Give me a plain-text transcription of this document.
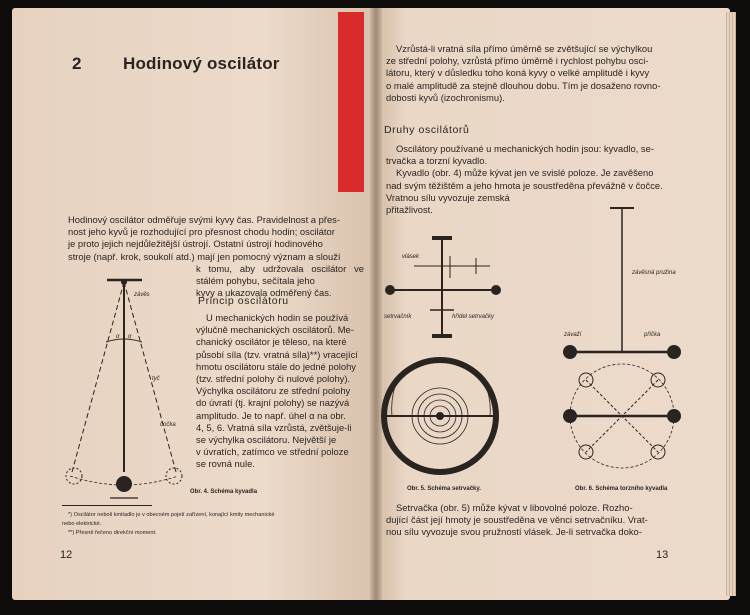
2 Hodinový oscilátor
Hodinový oscilátor odměřuje svými kyvy čas. Pravidelnost a přes-
nost jeho kyvů je rozhodující pro přesnost chodu hodin; oscilátor
je proto jejich nejdůležitější ústrojí. Ostatní ústrojí hodinového
stroje (např. krok, soukolí atd.) mají jen pomocný význam a slouží
k tomu, aby udržovala oscilátor ve stálém pohybu, sečítala jeho
kyvy a ukazovala odměřený čas.
Princip oscilátoru
U mechanických hodin se používá
výlučně mechanických oscilátorů. Me-
chanický oscilátor je těleso, na které
působí síla (tzv. vratná síla)**) vracející
hmotu oscilátoru stále do jedné polohy
(tzv. střední polohy či nulové polohy).
Výchylka oscilátoru ze střední polohy
do úvratí (tj. krajní polohy) se nazývá
amplitudo. Je to např. úhel α na obr.
4, 5, 6. Vratná síla vzrůstá, zvětšuje-li
se výchylka oscilátoru. Největší je
v úvratích, zatímco ve střední poloze
se rovná nule.
závěs
tyč
čočka
α α
Obr. 4. Schéma kyvadla
*) Oscilátor neboli kmitadlo je v obecném pojetí zařízení, konající kmity mechanické
nebo elektrické.
**) Přesně řečeno direkční moment.
12
Vzrůstá-li vratná síla přímo úměrně se zvětšující se výchylkou
ze střední polohy, vzrůstá přímo úměrně i rychlost pohybu osci-
látoru, který v důsledku toho koná kyvy o velké amplitudě i kyvy
o malé amplitudě za stejně dlouhou dobu. Tím je dosaženo rovno-
dobosti kyvů (izochronismu).
Druhy oscilátorů
Oscilátory používané u mechanických hodin jsou: kyvadlo, se-
trvačka a torzní kyvadlo.
Kyvadlo (obr. 4) může kývat jen ve svislé poloze. Je zavěšeno
nad svým těžištěm a jeho hmota je soustředěna převážně v čočce.
Vratnou sílu vyvozuje zemská
přitažlivost.
vlásek
setrvačník	hřídel setrvačky
Obr. 5. Schéma setrvačky.
závěsná pružina
závaží	příčka
Obr. 6. Schéma torzního kyvadla
Setrvačka (obr. 5) může kývat v libovolné poloze. Rozho-
dující část její hmoty je soustředěna ve věnci setrvačníku. Vrat-
nou sílu vyvozuje svou pružností vlásek. Je-li setrvačka doko-
13
